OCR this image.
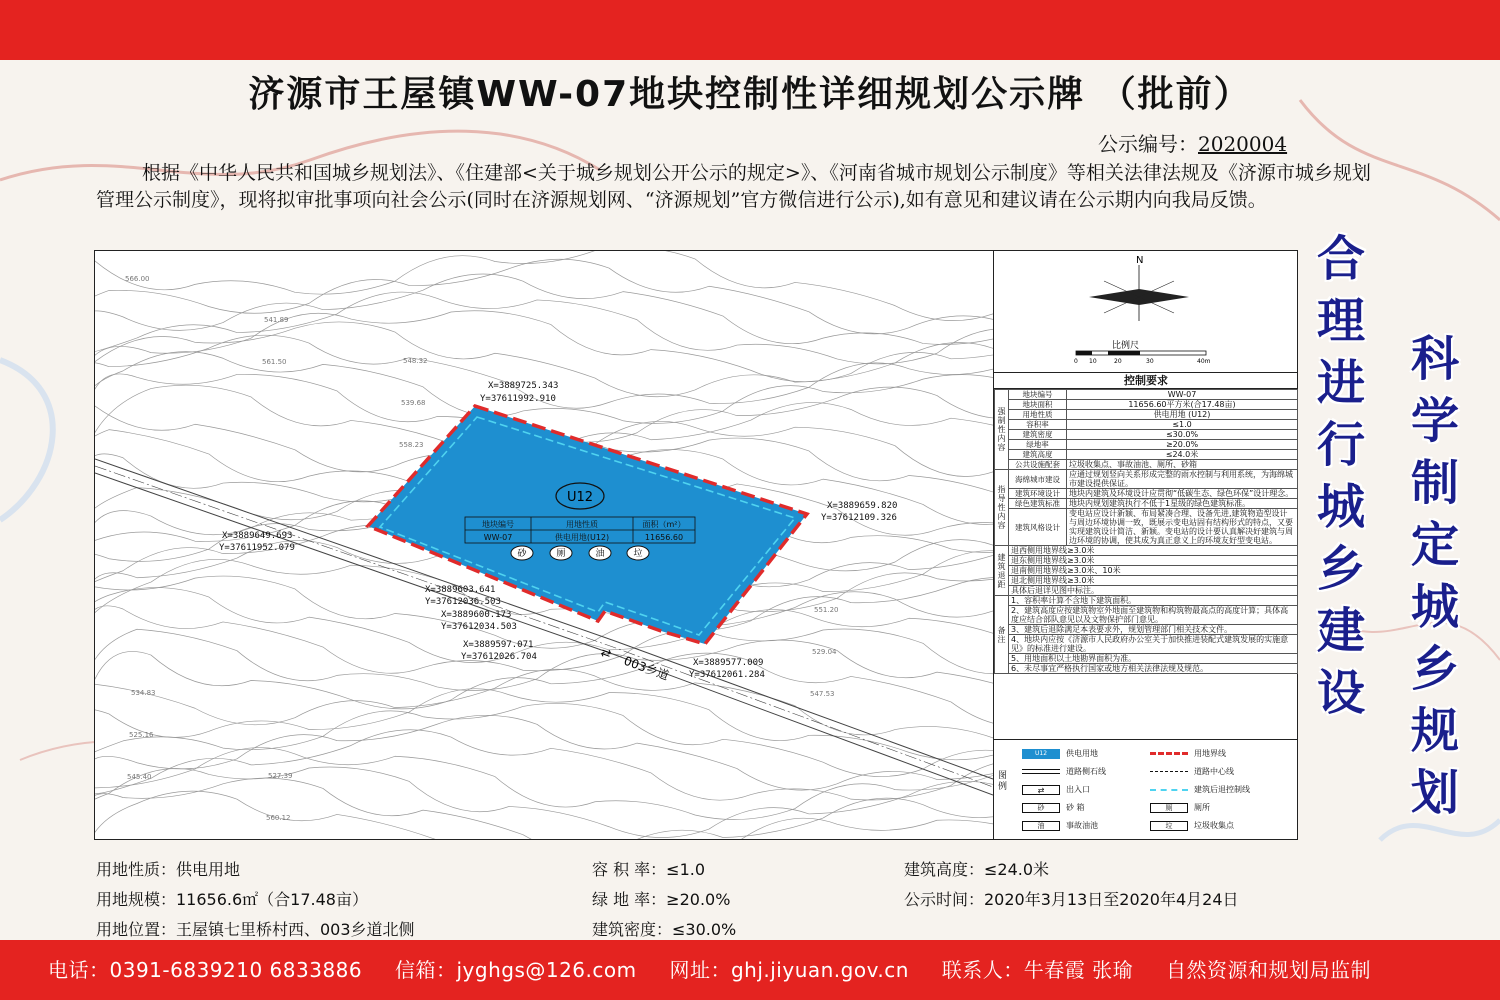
济源市王屋镇WW-07地块控制性详细规划公示牌 （批前）
公示编号：2020004
根据《中华人民共和国城乡规划法》、《住建部<关于城乡规划公开公示的规定>》、《河南省城市规划公示制度》等相关法律法规及《济源市城乡规划管理公示制度》，现将拟审批事项向社会公示(同时在济源规划网、“济源规划”官方微信进行公示),如有意见和建议请在公示期内向我局反馈。
566.00
561.50
558.23
547.53
545.40
541.89
539.68
529.04
525.16
560.12
548.32
551.20
534.83
527.39
U12
地块编号	用地性质	面积（m²）
WW-07	供电用地(U12)	11656.60
砂	厕	油	垃
⇄
003乡道
X=3889725.343
Y=37611992.910
X=3889659.820
Y=37612109.326
X=3889649.693
Y=37611952.079
X=3889603.641
Y=37612036.503
X=3889600.173
Y=37612034.503
X=3889597.071
Y=37612026.704
X=3889577.009
Y=37612061.284
N
比例尺
0 10	20	30	40m
控制要求
强制性内容	地块编号	WW-07
	地块面积	11656.60平方米(合17.48亩)
	用地性质	供电用地 (U12)
	容积率	≤1.0
	建筑密度	≤30.0%
	绿地率	≥20.0%
	建筑高度	≤24.0米
	公共设施配套	垃圾收集点、事故油池、厕所、砂箱
指导性内容	海绵城市建设	应通过规划竖向关系形成完整的雨水控制与利用系统，为海绵城市建设提供保证。
	建筑环境设计	地块内建筑及环境设计应贯彻“低碳生态、绿色环保”设计理念。
	绿色建筑标准	地块内规划建筑执行不低于1星级的绿色建筑标准。
	建筑风格设计	变电站应设计新颖、布局紧凑合理、设备先进,建筑物造型设计与周边环境协调一致，既展示变电站固有结构形式的特点，又要实现建筑设计简洁、新颖。变电站的设计要认真解决好建筑与周边环境的协调，使其成为真正意义上的环境友好型变电站。
建筑退距	退西侧用地界线≥3.0米	
	退东侧用地界线≥3.0米	
	退南侧用地界线≥3.0米、10米	
	退北侧用地界线≥3.0米	
	具体后退详见图中标注。	
备注	1、容积率计算不含地下建筑面积。	
	2、建筑高度应按建筑物室外地面至建筑物和构筑物最高点的高度计算；具体高度应结合部队意见以及文物保护部门意见。	
	3、建筑后退除满足本表要求外，规划管理部门相关技术文件。	
	4、地块内应按《济源市人民政府办公室关于加快推进装配式建筑发展的实施意见》的标准进行建设。	
	5、用地面积以土地勘界面积为准。	
	6、未尽事宜严格执行国家或地方相关法律法规及规范。	
图例
U12	供电用地	用地界线
道路侧石线	道路中心线
⇄	出入口	建筑后退控制线
砂	砂 箱	厕	厕所
油	事故油池	垃	垃圾收集点
合理进行城乡建设
科学制定城乡规划
用地性质：供电用地
用地规模：11656.6㎡（合17.48亩）
用地位置：王屋镇七里桥村西、003乡道北侧
容 积 率：≤1.0
绿 地 率：≥20.0%
建筑密度：≤30.0%
建筑高度：≤24.0米
公示时间：2020年3月13日至2020年4月24日
电话：0391-6839210 6833886 信箱：jyghgs@126.com 网址：ghj.jiyuan.gov.cn 联系人：牛春霞 张瑜 自然资源和规划局监制
